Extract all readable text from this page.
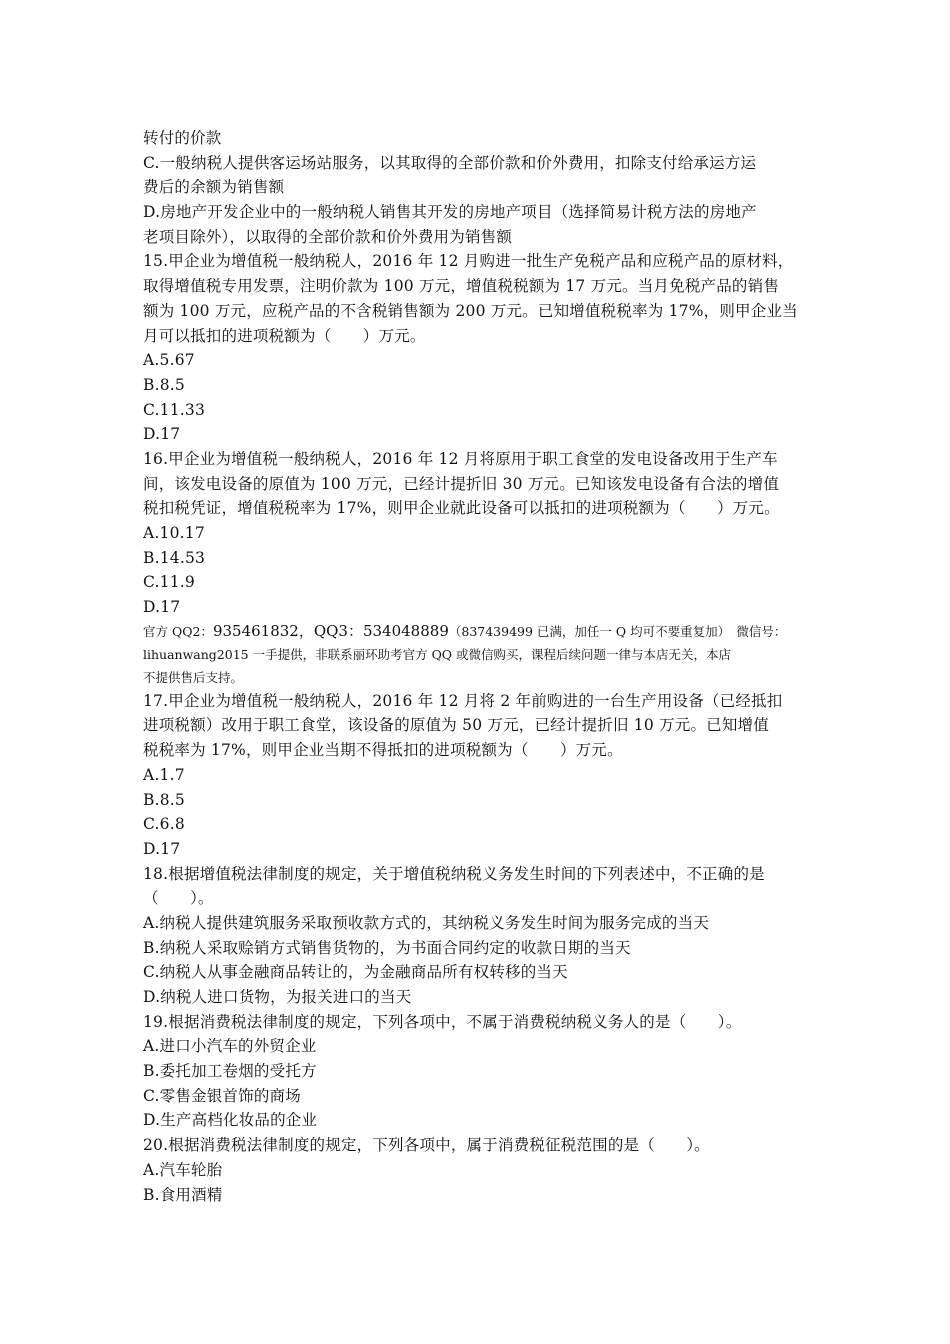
转付的价款
C.一般纳税人提供客运场站服务，以其取得的全部价款和价外费用，扣除支付给承运方运
费后的余额为销售额
D.房地产开发企业中的一般纳税人销售其开发的房地产项目（选择简易计税方法的房地产
老项目除外），以取得的全部价款和价外费用为销售额
15.甲企业为增值税一般纳税人，2016 年 12 月购进一批生产免税产品和应税产品的原材料，
取得增值税专用发票，注明价款为 100 万元，增值税税额为 17 万元。当月免税产品的销售
额为 100 万元，应税产品的不含税销售额为 200 万元。已知增值税税率为 17%，则甲企业当
月可以抵扣的进项税额为（　　）万元。
A.5.67
B.8.5
C.11.33
D.17
16.甲企业为增值税一般纳税人，2016 年 12 月将原用于职工食堂的发电设备改用于生产车
间，该发电设备的原值为 100 万元，已经计提折旧 30 万元。已知该发电设备有合法的增值
税扣税凭证，增值税税率为 17%，则甲企业就此设备可以抵扣的进项税额为（　　）万元。
A.10.17
B.14.53
C.11.9
D.17
官方 QQ2：935461832，QQ3：534048889（837439499 已满，加任一 Q 均可不要重复加）　微信号：
lihuanwang2015 一手提供，非联系丽环助考官方 QQ 或微信购买，课程后续问题一律与本店无关，本店
不提供售后支持。
17.甲企业为增值税一般纳税人，2016 年 12 月将 2 年前购进的一台生产用设备（已经抵扣
进项税额）改用于职工食堂，该设备的原值为 50 万元，已经计提折旧 10 万元。已知增值
税税率为 17%，则甲企业当期不得抵扣的进项税额为（　　）万元。
A.1.7
B.8.5
C.6.8
D.17
18.根据增值税法律制度的规定，关于增值税纳税义务发生时间的下列表述中，不正确的是
（　　）。
A.纳税人提供建筑服务采取预收款方式的，其纳税义务发生时间为服务完成的当天
B.纳税人采取赊销方式销售货物的，为书面合同约定的收款日期的当天
C.纳税人从事金融商品转让的，为金融商品所有权转移的当天
D.纳税人进口货物，为报关进口的当天
19.根据消费税法律制度的规定，下列各项中，不属于消费税纳税义务人的是（　　）。
A.进口小汽车的外贸企业
B.委托加工卷烟的受托方
C.零售金银首饰的商场
D.生产高档化妆品的企业
20.根据消费税法律制度的规定，下列各项中，属于消费税征税范围的是（　　）。
A.汽车轮胎
B.食用酒精
